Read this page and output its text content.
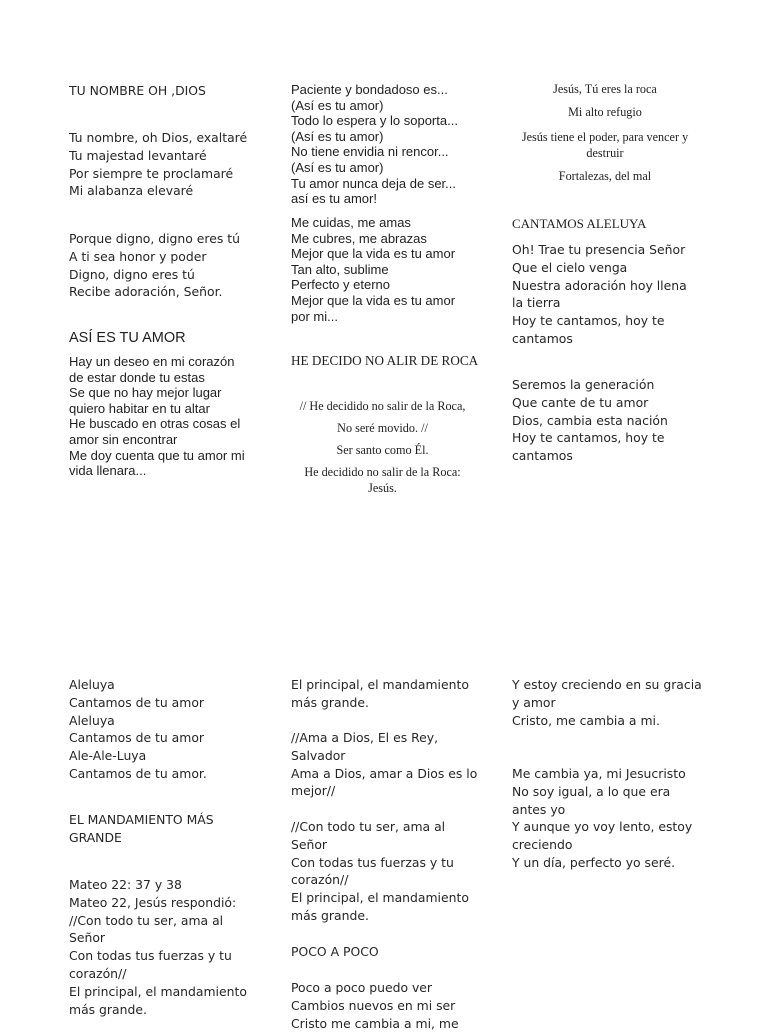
TU NOMBRE OH ,DIOS
Tu nombre, oh Dios, exaltaré
Tu majestad levantaré
Por siempre te proclamaré
Mi alabanza elevaré
Porque digno, digno eres tú
A ti sea honor y poder
Digno, digno eres tú
Recibe adoración, Señor.
ASÍ ES TU AMOR
Hay un deseo en mi corazón
de estar donde tu estas
Se que no hay mejor lugar
quiero habitar en tu altar
He buscado en otras cosas el
amor sin encontrar
Me doy cuenta que tu amor mi
vida llenara...
Paciente y bondadoso es...
(Así es tu amor)
Todo lo espera y lo soporta...
(Así es tu amor)
No tiene envidia ni rencor...
(Así es tu amor)
Tu amor nunca deja de ser...
así es tu amor!
Me cuidas, me amas
Me cubres, me abrazas
Mejor que la vida es tu amor
Tan alto, sublime
Perfecto y eterno
Mejor que la vida es tu amor
por mi...
HE DECIDO NO ALIR DE ROCA
// He decidido no salir de la Roca,
No seré movido. //
Ser santo como Él.
He decidido no salir de la Roca:
Jesús.
Jesús, Tú eres la roca
Mi alto refugio
Jesús tiene el poder, para vencer y
destruir
Fortalezas, del mal
CANTAMOS ALELUYA
Oh! Trae tu presencia Señor
Que el cielo venga
Nuestra adoración hoy llena
la tierra
Hoy te cantamos, hoy te
cantamos
Seremos la generación
Que cante de tu amor
Dios, cambia esta nación
Hoy te cantamos, hoy te
cantamos
Aleluya
Cantamos de tu amor
Aleluya
Cantamos de tu amor
Ale-Ale-Luya
Cantamos de tu amor.
EL MANDAMIENTO MÁS
GRANDE
Mateo 22: 37 y 38
Mateo 22, Jesús respondió:
//Con todo tu ser, ama al
Señor
Con todas tus fuerzas y tu
corazón//
El principal, el mandamiento
más grande.
El principal, el mandamiento
más grande.
//Ama a Dios, El es Rey,
Salvador
Ama a Dios, amar a Dios es lo
mejor//
//Con todo tu ser, ama al
Señor
Con todas tus fuerzas y tu
corazón//
El principal, el mandamiento
más grande.
POCO A POCO
Poco a poco puedo ver
Cambios nuevos en mi ser
Cristo me cambia a mi, me
Y estoy creciendo en su gracia
y amor
Cristo, me cambia a mi.
Me cambia ya, mi Jesucristo
No soy igual, a lo que era
antes yo
Y aunque yo voy lento, estoy
creciendo
Y un día, perfecto yo seré.
